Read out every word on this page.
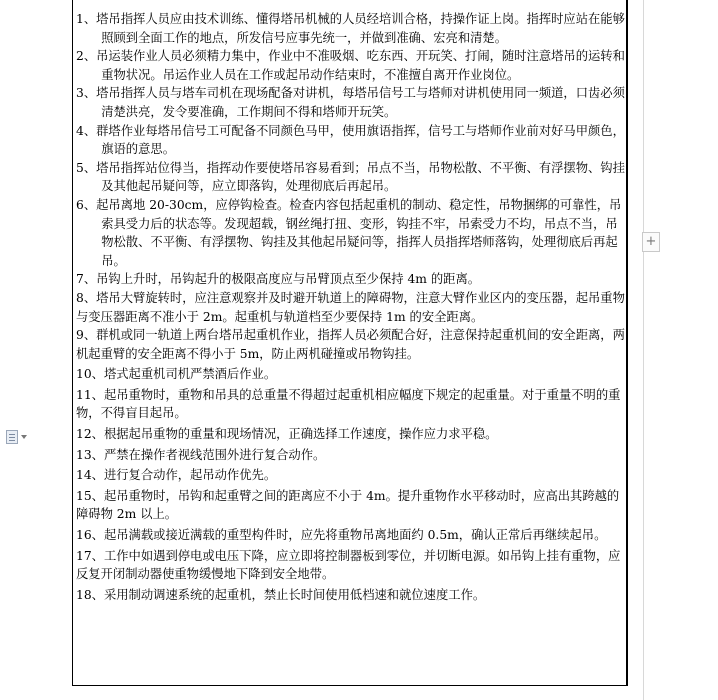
+

1、塔吊指挥人员应由技术训练、懂得塔吊机械的人员经培训合格，持操作证上岗。指挥时应站在能够照顾到全面工作的地点，所发信号应事先统一，并做到准确、宏亮和清楚。

2、吊运装作业人员必须精力集中，作业中不准吸烟、吃东西、开玩笑、打闹，随时注意塔吊的运转和重物状况。吊运作业人员在工作或起吊动作结束时，不准擅自离开作业岗位。

3、塔吊指挥人员与塔车司机在现场配备对讲机，每塔吊信号工与塔师对讲机使用同一频道，口齿必须清楚洪亮，发令要准确，工作期间不得和塔师开玩笑。

4、群塔作业每塔吊信号工可配备不同颜色马甲，使用旗语指挥，信号工与塔师作业前对好马甲颜色，旗语的意思。

5、塔吊指挥站位得当，指挥动作要使塔吊容易看到；吊点不当，吊物松散、不平衡、有浮摆物、钩挂及其他起吊疑问等，应立即落钩，处理彻底后再起吊。

6、起吊离地 20-30cm，应停钩检查。检查内容包括起重机的制动、稳定性，吊物捆绑的可靠性，吊索具受力后的状态等。发现超载，钢丝绳打扭、变形，钩挂不牢，吊索受力不均，吊点不当，吊物松散、不平衡、有浮摆物、钩挂及其他起吊疑问等，指挥人员指挥塔师落钩，处理彻底后再起吊。

7、吊钩上升时，吊钩起升的极限高度应与吊臂顶点至少保持 4m 的距离。

8、塔吊大臂旋转时，应注意观察并及时避开轨道上的障碍物，注意大臂作业区内的变压器，起吊重物与变压器距离不准小于 2m。起重机与轨道档至少要保持 1m 的安全距离。

9、群机或同一轨道上两台塔吊起重机作业，指挥人员必须配合好，注意保持起重机间的安全距离，两机起重臂的安全距离不得小于 5m，防止两机碰撞或吊物钩挂。

10、塔式起重机司机严禁酒后作业。

11、起吊重物时，重物和吊具的总重量不得超过起重机相应幅度下规定的起重量。对于重量不明的重物，不得盲目起吊。

12、根据起吊重物的重量和现场情况，正确选择工作速度，操作应力求平稳。

13、严禁在操作者视线范围外进行复合动作。

14、进行复合动作，起吊动作优先。

15、起吊重物时，吊钩和起重臂之间的距离应不小于 4m。提升重物作水平移动时，应高出其跨越的障碍物 2m 以上。

16、起吊满载或接近满载的重型构件时，应先将重物吊离地面约 0.5m，确认正常后再继续起吊。

17、工作中如遇到停电或电压下降，应立即将控制器板到零位，并切断电源。如吊钩上挂有重物，应反复开闭制动器使重物缓慢地下降到安全地带。

18、采用制动调速系统的起重机，禁止长时间使用低档速和就位速度工作。
